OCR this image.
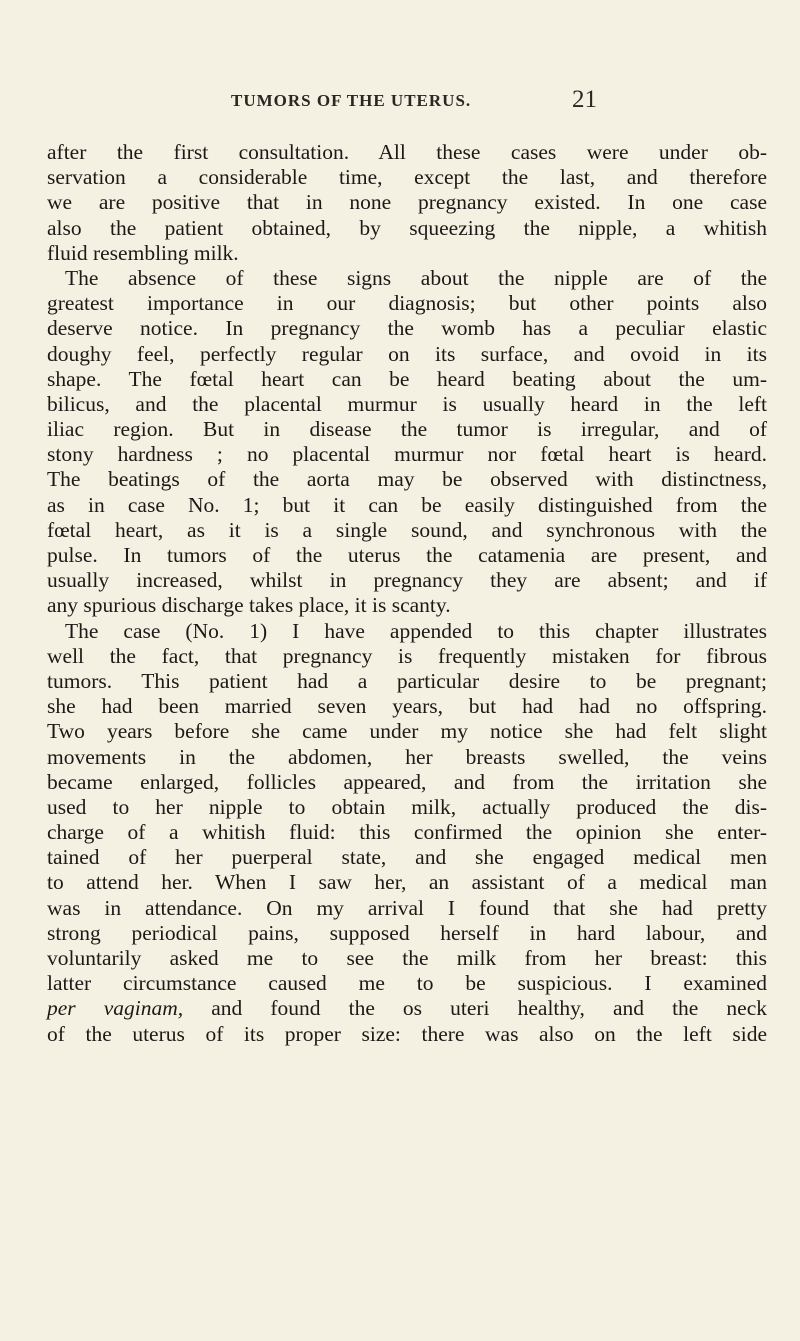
TUMORS OF THE UTERUS.	21
after the first consultation. All these cases were under ob-
servation a considerable time, except the last, and therefore
we are positive that in none pregnancy existed. In one case
also the patient obtained, by squeezing the nipple, a whitish
fluid resembling milk.
The absence of these signs about the nipple are of the
greatest importance in our diagnosis; but other points also
deserve notice. In pregnancy the womb has a peculiar elastic
doughy feel, perfectly regular on its surface, and ovoid in its
shape. The fœtal heart can be heard beating about the um-
bilicus, and the placental murmur is usually heard in the left
iliac region. But in disease the tumor is irregular, and of
stony hardness ; no placental murmur nor fœtal heart is heard.
The beatings of the aorta may be observed with distinctness,
as in case No. 1; but it can be easily distinguished from the
fœtal heart, as it is a single sound, and synchronous with the
pulse. In tumors of the uterus the catamenia are present, and
usually increased, whilst in pregnancy they are absent; and if
any spurious discharge takes place, it is scanty.
The case (No. 1) I have appended to this chapter illustrates
well the fact, that pregnancy is frequently mistaken for fibrous
tumors. This patient had a particular desire to be pregnant;
she had been married seven years, but had had no offspring.
Two years before she came under my notice she had felt slight
movements in the abdomen, her breasts swelled, the veins
became enlarged, follicles appeared, and from the irritation she
used to her nipple to obtain milk, actually produced the dis-
charge of a whitish fluid: this confirmed the opinion she enter-
tained of her puerperal state, and she engaged medical men
to attend her. When I saw her, an assistant of a medical man
was in attendance. On my arrival I found that she had pretty
strong periodical pains, supposed herself in hard labour, and
voluntarily asked me to see the milk from her breast: this
latter circumstance caused me to be suspicious. I examined
per vaginam, and found the os uteri healthy, and the neck
of the uterus of its proper size: there was also on the left side
